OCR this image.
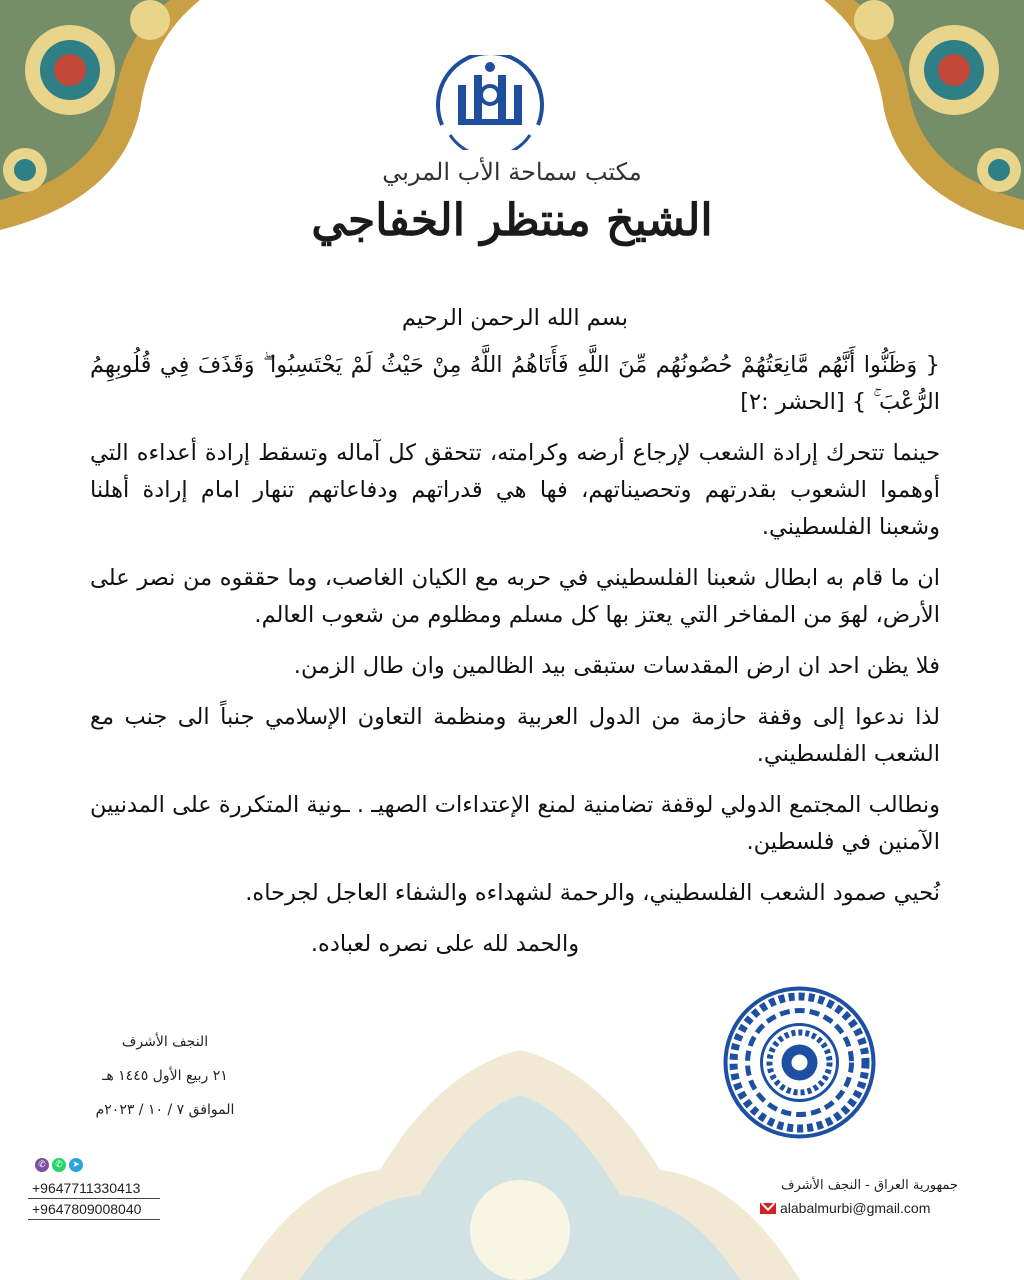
مكتب سماحة الأب المربي
الشيخ منتظر الخفاجي

بسم الله الرحمن الرحيم

{ وَظَنُّوا أَنَّهُم مَّانِعَتُهُمْ حُصُونُهُم مِّنَ اللَّهِ فَأَتَاهُمُ اللَّهُ مِنْ حَيْثُ لَمْ يَحْتَسِبُوا ۖ وَقَذَفَ فِي قُلُوبِهِمُ الرُّعْبَ ۚ } [الحشر :٢]

حينما تتحرك إرادة الشعب لإرجاع أرضه وكرامته، تتحقق كل آماله وتسقط إرادة أعداءه التي أوهموا الشعوب بقدرتهم وتحصيناتهم، فها هي قدراتهم ودفاعاتهم تنهار امام إرادة أهلنا وشعبنا الفلسطيني.

ان ما قام به ابطال شعبنا الفلسطيني في حربه مع الكيان الغاصب، وما حققوه من نصر على الأرض، لهوَ من المفاخر التي يعتز بها كل مسلم ومظلوم من شعوب العالم.

فلا يظن احد ان ارض المقدسات ستبقى بيد الظالمين وان طال الزمن.

لذا ندعوا إلى وقفة حازمة من الدول العربية ومنظمة التعاون الإسلامي جنباً الى جنب مع الشعب الفلسطيني.

ونطالب المجتمع الدولي لوقفة تضامنية لمنع الإعتداءات الصهيـ . ـونية المتكررة على المدنيين الآمنين في فلسطين.

نُحيي صمود الشعب الفلسطيني، والرحمة لشهداءه والشفاء العاجل لجرحاه.

والحمد لله على نصره لعباده.

النجف الأشرف
٢١ ربيع الأول ١٤٤٥ هـ
الموافق ٧ / ١٠ / ٢٠٢٣م
✆	✆	➤
+9647711330413
+9647809008040
جمهورية العراق - النجف الأشرف
alabalmurbi@gmail.com
